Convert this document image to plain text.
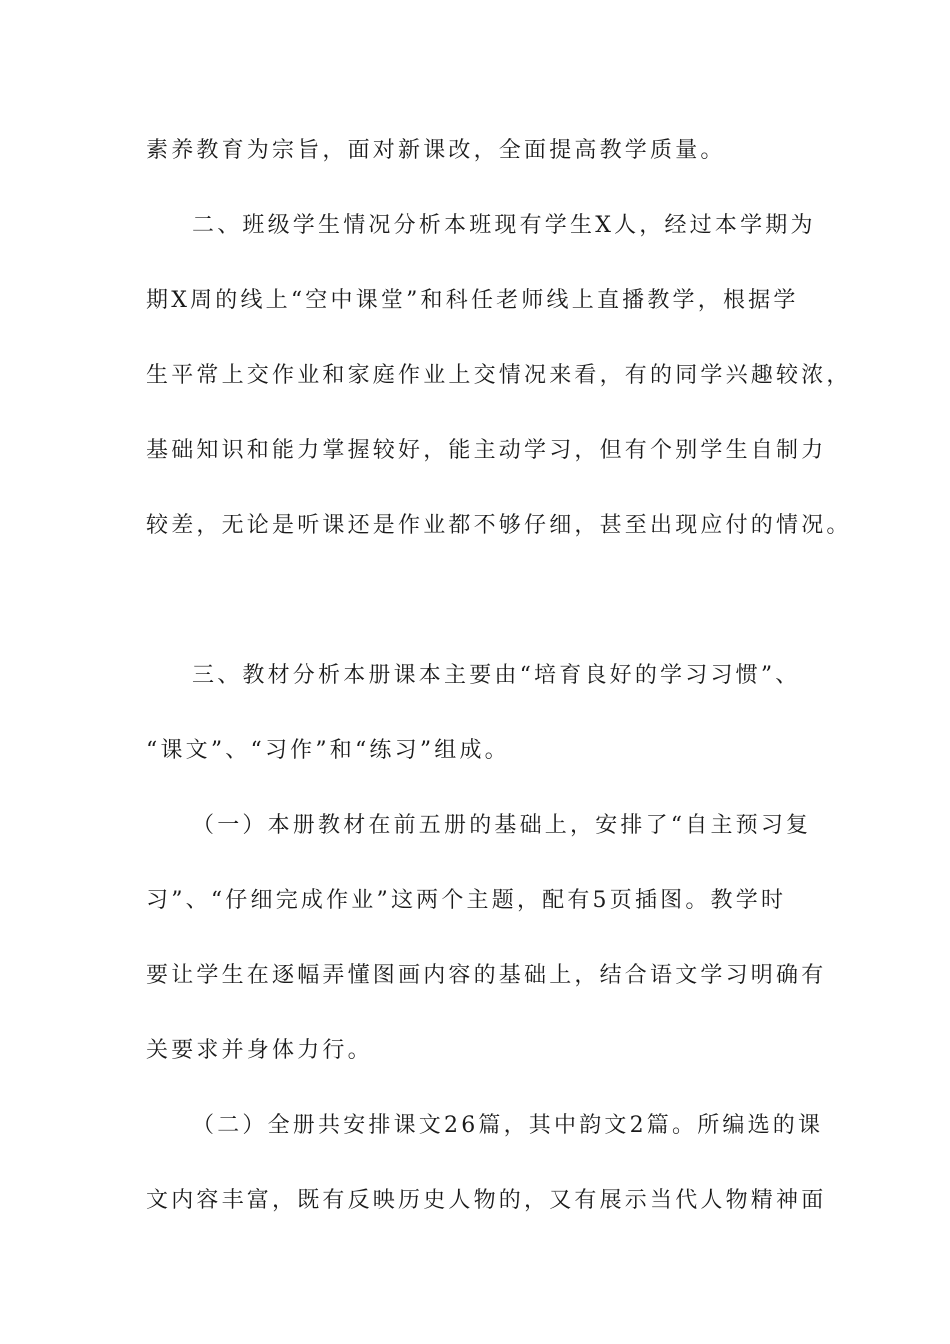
素养教育为宗旨，面对新课改，全面提高教学质量。
二、班级学生情况分析本班现有学生X人，经过本学期为
期X周的线上“空中课堂”和科任老师线上直播教学，根据学
生平常上交作业和家庭作业上交情况来看，有的同学兴趣较浓，
基础知识和能力掌握较好，能主动学习，但有个别学生自制力
较差，无论是听课还是作业都不够仔细，甚至出现应付的情况。
三、教材分析本册课本主要由“培育良好的学习习惯”、
“课文”、“习作”和“练习”组成。
（一）本册教材在前五册的基础上，安排了“自主预习复
习”、“仔细完成作业”这两个主题，配有5页插图。教学时
要让学生在逐幅弄懂图画内容的基础上，结合语文学习明确有
关要求并身体力行。
（二）全册共安排课文26篇，其中韵文2篇。所编选的课
文内容丰富，既有反映历史人物的，又有展示当代人物精神面
